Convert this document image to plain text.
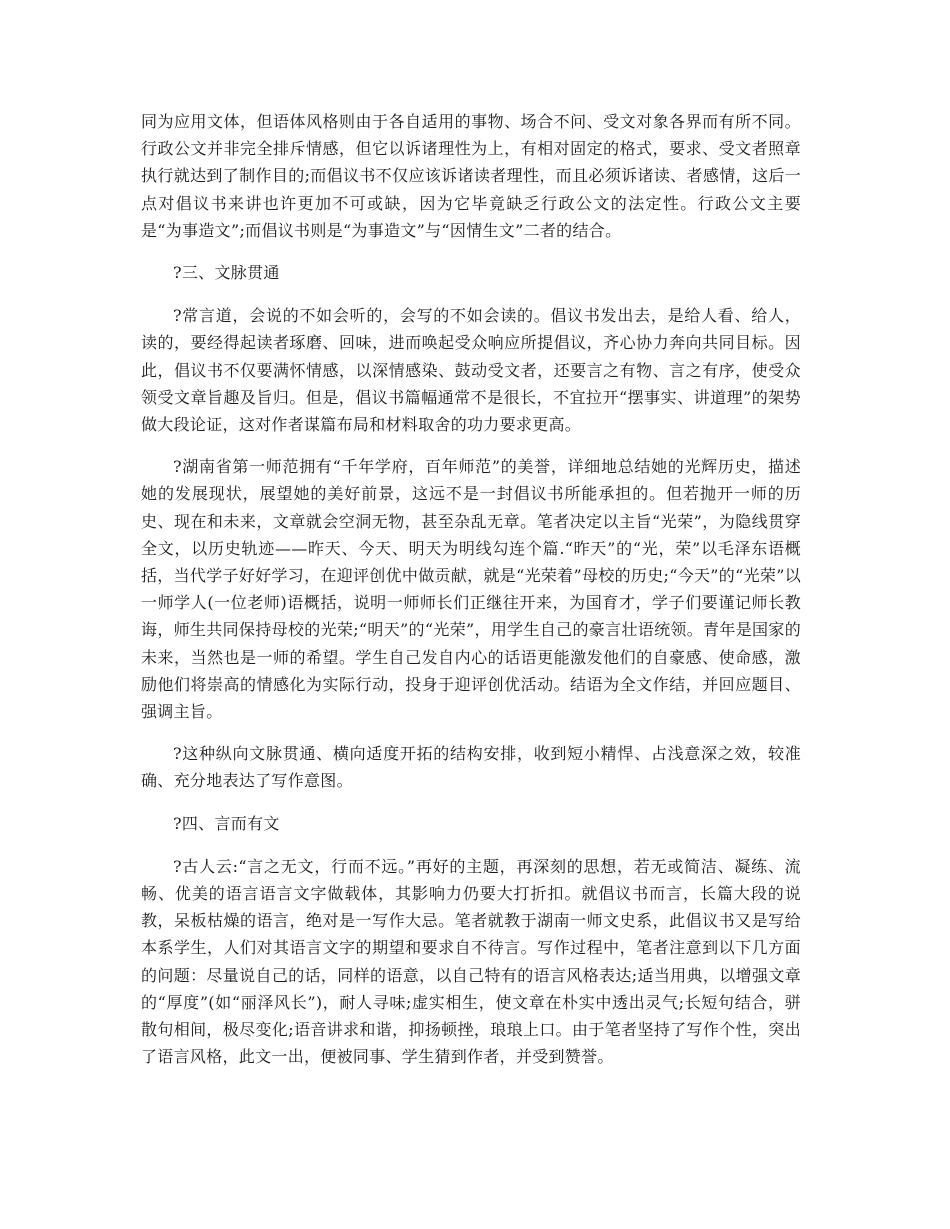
同为应用文体，但语体风格则由于各自适用的事物、场合不问、受文对象各界而有所不同。行政公文并非完全排斥情感，但它以诉诸理性为上，有相对固定的格式，要求、受文者照章执行就达到了制作目的;而倡议书不仅应该诉诸读者理性，而且必须诉诸读、者感情，这后一点对倡议书来讲也许更加不可或缺，因为它毕竟缺乏行政公文的法定性。行政公文主要是“为事造文”;而倡议书则是“为事造文”与“因情生文”二者的结合。

?三、文脉贯通

?常言道，会说的不如会听的，会写的不如会读的。倡议书发出去，是给人看、给人，读的，要经得起读者琢磨、回味，进而唤起受众响应所提倡议，齐心协力奔向共同目标。因此，倡议书不仅要满怀情感，以深情感染、鼓动受文者，还要言之有物、言之有序，使受众领受文章旨趣及旨归。但是，倡议书篇幅通常不是很长，不宜拉开“摆事实、讲道理”的架势做大段论证，这对作者谋篇布局和材料取舍的功力要求更高。

?湖南省第一师范拥有“千年学府，百年师范”的美誉，详细地总结她的光辉历史，描述她的发展现状，展望她的美好前景，这远不是一封倡议书所能承担的。但若抛开一师的历史、现在和未来，文章就会空洞无物，甚至杂乱无章。笔者决定以主旨“光荣”，为隐线贯穿全文，以历史轨迹——昨天、今天、明天为明线勾连个篇.“昨天”的“光，荣”以毛泽东语概括，当代学子好好学习，在迎评创优中做贡献，就是“光荣着”母校的历史;“今天”的“光荣”以一师学人(一位老师)语概括，说明一师师长们正继往开来，为国育才，学子们要谨记师长教诲，师生共同保持母校的光荣;“明天”的“光荣”，用学生自己的豪言壮语统领。青年是国家的未来，当然也是一师的希望。学生自己发自内心的话语更能激发他们的自豪感、使命感，激励他们将崇高的情感化为实际行动，投身于迎评创优活动。结语为全文作结，并回应题目、强调主旨。

?这种纵向文脉贯通、横向适度开拓的结构安排，收到短小精悍、占浅意深之效，较准确、充分地表达了写作意图。

?四、言而有文

?古人云:“言之无文，行而不远。”再好的主题，再深刻的思想，若无或简洁、凝练、流畅、优美的语言语言文字做载体，其影响力仍要大打折扣。就倡议书而言，长篇大段的说教，呆板枯燥的语言，绝对是一写作大忌。笔者就教于湖南一师文史系，此倡议书又是写给本系学生，人们对其语言文字的期望和要求自不待言。写作过程中，笔者注意到以下几方面的问题：尽量说自己的话，同样的语意，以自己特有的语言风格表达;适当用典，以增强文章的“厚度”(如“丽泽风长”)，耐人寻味;虚实相生，使文章在朴实中透出灵气;长短句结合，骈散句相间，极尽变化;语音讲求和谐，抑扬顿挫，琅琅上口。由于笔者坚持了写作个性，突出了语言风格，此文一出，便被同事、学生猜到作者，并受到赞誉。
